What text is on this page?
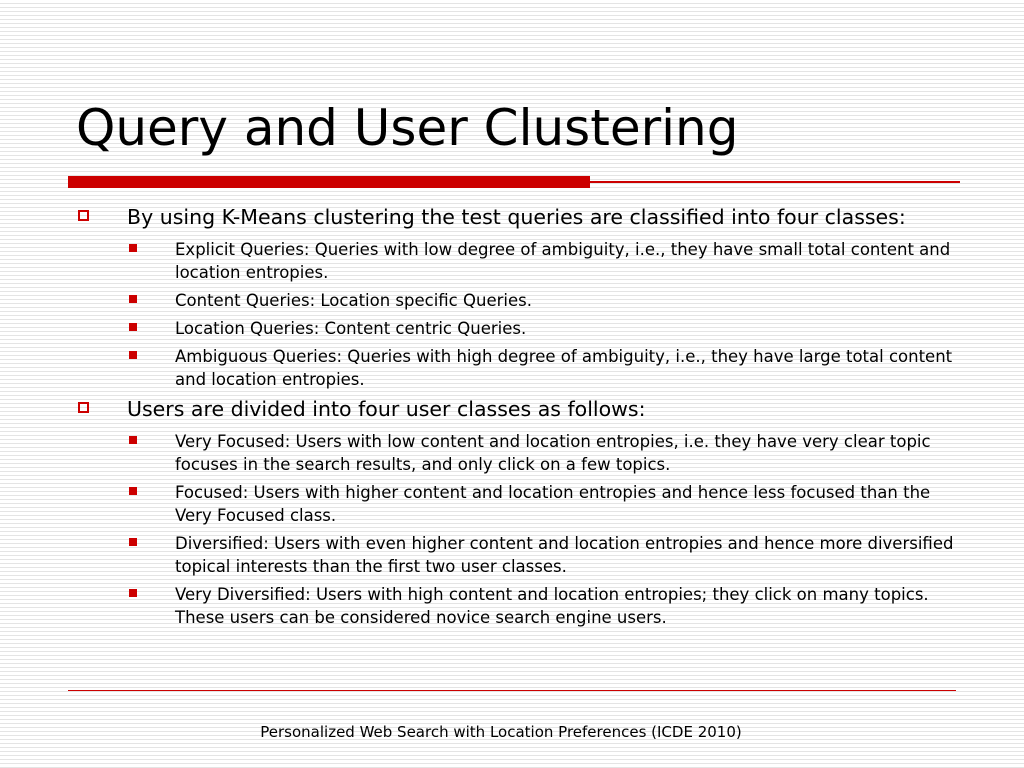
Query and User Clustering
By using K-Means clustering the test queries are classified into four classes:
Explicit Queries: Queries with low degree of ambiguity, i.e., they have small total content and location entropies.
Content Queries: Location specific Queries.
Location Queries: Content centric Queries.
Ambiguous Queries: Queries with high degree of ambiguity, i.e., they have large total content and location entropies.
Users are divided into four user classes as follows:
Very Focused: Users with low content and location entropies, i.e. they have very clear topic focuses in the search results, and only click on a few topics.
Focused: Users with higher content and location entropies and hence less focused than the Very Focused class.
Diversified: Users with even higher content and location entropies and hence more diversified topical interests than the first two user classes.
Very Diversified: Users with high content and location entropies; they click on many topics. These users can be considered novice search engine users.
Personalized Web Search with Location Preferences (ICDE 2010)
